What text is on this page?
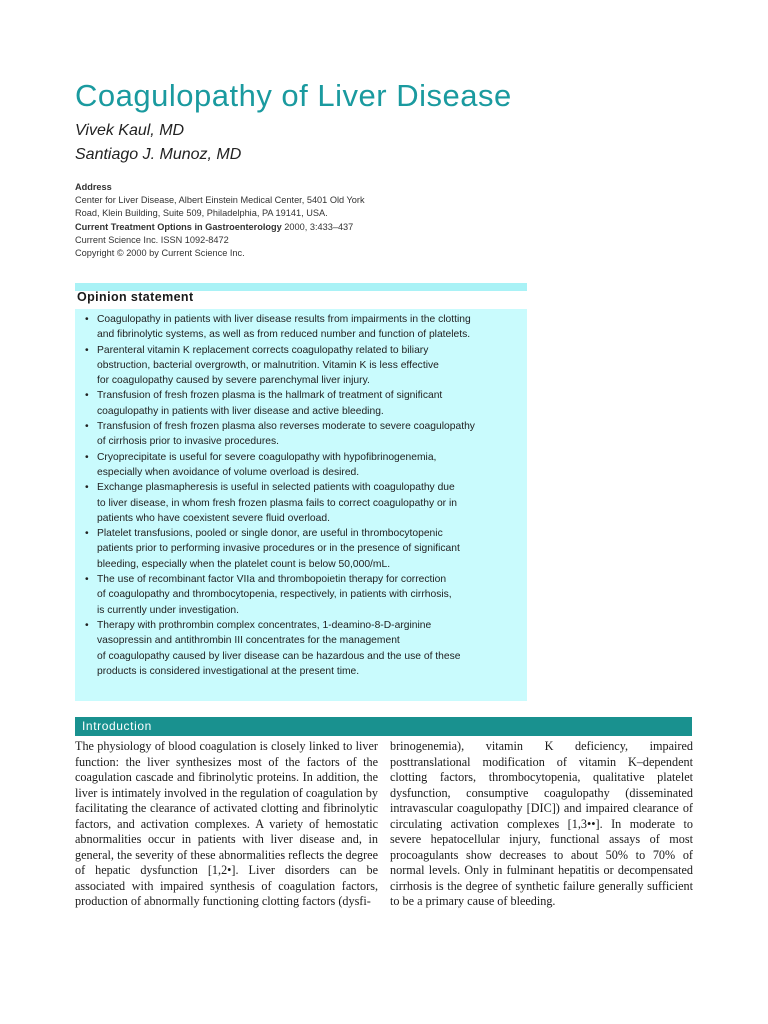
Coagulopathy of Liver Disease
Vivek Kaul, MD
Santiago J. Munoz, MD
Address
Center for Liver Disease, Albert Einstein Medical Center, 5401 Old York
Road, Klein Building, Suite 509, Philadelphia, PA 19141, USA.
Current Treatment Options in Gastroenterology 2000, 3:433–437
Current Science Inc. ISSN 1092-8472
Copyright © 2000 by Current Science Inc.
Opinion statement
• Coagulopathy in patients with liver disease results from impairments in the clotting
and fibrinolytic systems, as well as from reduced number and function of platelets.
• Parenteral vitamin K replacement corrects coagulopathy related to biliary
obstruction, bacterial overgrowth, or malnutrition. Vitamin K is less effective
for coagulopathy caused by severe parenchymal liver injury.
• Transfusion of fresh frozen plasma is the hallmark of treatment of significant
coagulopathy in patients with liver disease and active bleeding.
• Transfusion of fresh frozen plasma also reverses moderate to severe coagulopathy
of cirrhosis prior to invasive procedures.
• Cryoprecipitate is useful for severe coagulopathy with hypofibrinogenemia,
especially when avoidance of volume overload is desired.
• Exchange plasmapheresis is useful in selected patients with coagulopathy due
to liver disease, in whom fresh frozen plasma fails to correct coagulopathy or in
patients who have coexistent severe fluid overload.
• Platelet transfusions, pooled or single donor, are useful in thrombocytopenic
patients prior to performing invasive procedures or in the presence of significant
bleeding, especially when the platelet count is below 50,000/mL.
• The use of recombinant factor VIIa and thrombopoietin therapy for correction
of coagulopathy and thrombocytopenia, respectively, in patients with cirrhosis,
is currently under investigation.
• Therapy with prothrombin complex concentrates, 1-deamino-8-D-arginine
vasopressin and antithrombin III concentrates for the management
of coagulopathy caused by liver disease can be hazardous and the use of these
products is considered investigational at the present time.
Introduction

The physiology of blood coagulation is closely linked to liver function: the liver synthesizes most of the factors of the coagulation cascade and fibrinolytic proteins. In addition, the liver is intimately involved in the regulation of coagulation by facilitating the clearance of activated clotting and fibrinolytic factors, and activation complexes. A variety of hemostatic abnormalities occur in patients with liver disease and, in general, the severity of these abnormalities reflects the degree of hepatic dysfunction [1,2•]. Liver disorders can be associated with impaired synthesis of coagulation factors, production of abnormally functioning clotting factors (dysfi-

brinogenemia), vitamin K deficiency, impaired posttranslational modification of vitamin K–dependent clotting factors, thrombocytopenia, qualitative platelet dysfunction, consumptive coagulopathy (disseminated intravascular coagulopathy [DIC]) and impaired clearance of circulating activation complexes [1,3••]. In moderate to severe hepatocellular injury, functional assays of most procoagulants show decreases to about 50% to 70% of normal levels. Only in fulminant hepatitis or decompensated cirrhosis is the degree of synthetic failure generally sufficient to be a primary cause of bleeding.
